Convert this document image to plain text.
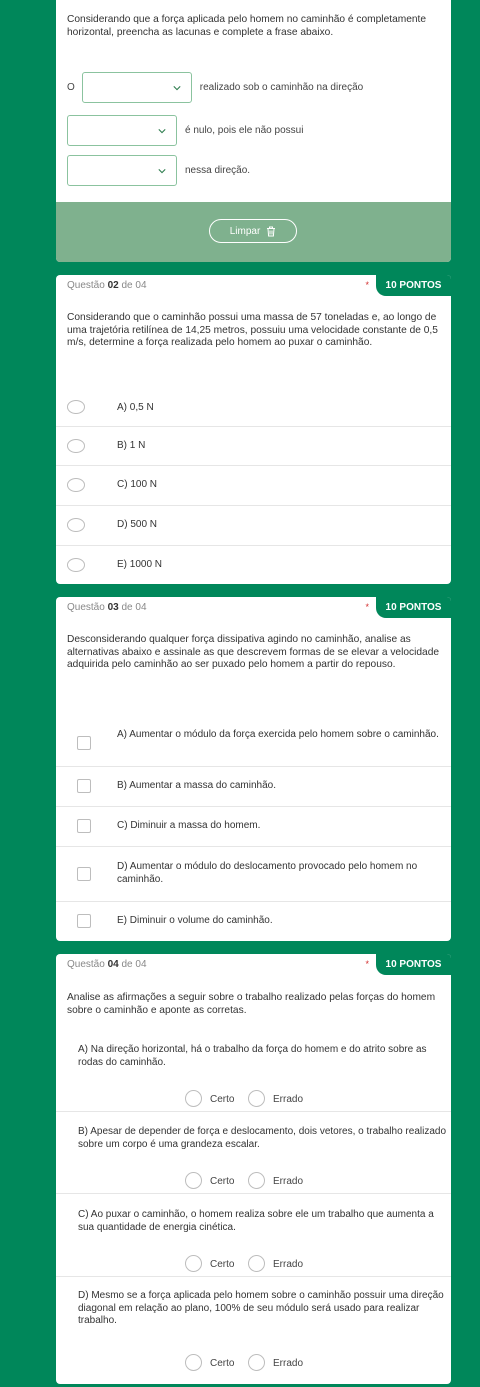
Considerando que a força aplicada pelo homem no caminhão é completamente horizontal, preencha as lacunas e complete a frase abaixo.
O	realizado sob o caminhão na direção
é nulo, pois ele não possui
nessa direção.
Limpar
Questão 02 de 04	*	10 PONTOS
Considerando que o caminhão possui uma massa de 57 toneladas e, ao longo de uma trajetória retilínea de 14,25 metros, possuiu uma velocidade constante de 0,5 m/s, determine a força realizada pelo homem ao puxar o caminhão.
A) 0,5 N
B) 1 N
C) 100 N
D) 500 N
E) 1000 N
Questão 03 de 04	*	10 PONTOS
Desconsiderando qualquer força dissipativa agindo no caminhão, analise as alternativas abaixo e assinale as que descrevem formas de se elevar a velocidade adquirida pelo caminhão ao ser puxado pelo homem a partir do repouso.
A) Aumentar o módulo da força exercida pelo homem sobre o caminhão.
B) Aumentar a massa do caminhão.
C) Diminuir a massa do homem.
D) Aumentar o módulo do deslocamento provocado pelo homem no caminhão.
E) Diminuir o volume do caminhão.
Questão 04 de 04	*	10 PONTOS
Analise as afirmações a seguir sobre o trabalho realizado pelas forças do homem sobre o caminhão e aponte as corretas.
A) Na direção horizontal, há o trabalho da força do homem e do atrito sobre as rodas do caminhão.
Certo	Errado
B) Apesar de depender de força e deslocamento, dois vetores, o trabalho realizado sobre um corpo é uma grandeza escalar.
Certo	Errado
C) Ao puxar o caminhão, o homem realiza sobre ele um trabalho que aumenta a sua quantidade de energia cinética.
Certo	Errado
D) Mesmo se a força aplicada pelo homem sobre o caminhão possuir uma direção diagonal em relação ao plano, 100% de seu módulo será usado para realizar trabalho.
Certo	Errado
